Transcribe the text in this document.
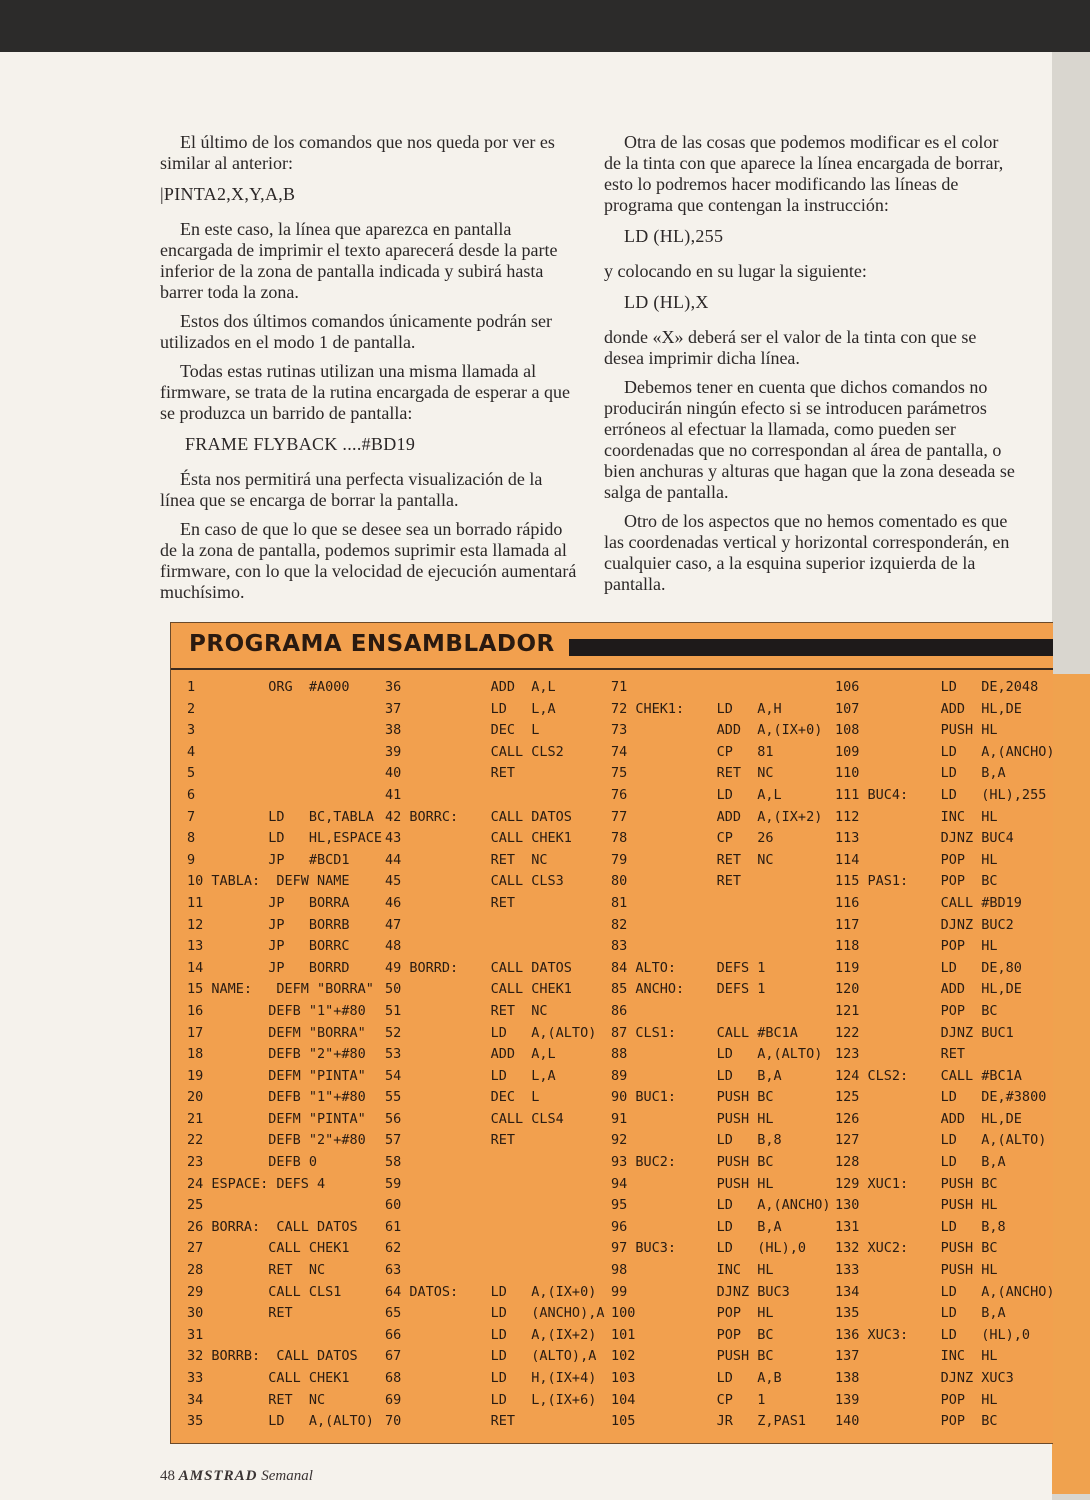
El último de los comandos que nos queda por ver es similar al anterior:

|PINTA2,X,Y,A,B

En este caso, la línea que aparezca en pantalla encargada de imprimir el texto aparecerá desde la parte inferior de la zona de pantalla indicada y subirá hasta barrer toda la zona.

Estos dos últimos comandos únicamente podrán ser utilizados en el modo 1 de pantalla.

Todas estas rutinas utilizan una misma llamada al firmware, se trata de la rutina encargada de esperar a que se produzca un barrido de pantalla:

FRAME FLYBACK ....#BD19

Ésta nos permitirá una perfecta visualización de la línea que se encarga de borrar la pantalla.

En caso de que lo que se desee sea un borrado rápido de la zona de pantalla, podemos suprimir esta llamada al firmware, con lo que la velocidad de ejecución aumentará muchísimo.

Otra de las cosas que podemos modificar es el color de la tinta con que aparece la línea encargada de borrar, esto lo podremos hacer modificando las líneas de programa que contengan la instrucción:

LD (HL),255

y colocando en su lugar la siguiente:

LD (HL),X

donde «X» deberá ser el valor de la tinta con que se desea imprimir dicha línea.

Debemos tener en cuenta que dichos comandos no producirán ningún efecto si se introducen parámetros erróneos al efectuar la llamada, como pueden ser coordenadas que no correspondan al área de pantalla, o bien anchuras y alturas que hagan que la zona deseada se salga de pantalla.

Otro de los aspectos que no hemos comentado es que las coordenadas vertical y horizontal corresponderán, en cualquier caso, a la esquina superior izquierda de la pantalla.

PROGRAMA ENSAMBLADOR
1         ORG  #A000
2
3
4
5
6
7         LD   BC,TABLA
8         LD   HL,ESPACE
9         JP   #BCD1
10 TABLA:  DEFW NAME
11        JP   BORRA
12        JP   BORRB
13        JP   BORRC
14        JP   BORRD
15 NAME:   DEFM "BORRA"
16        DEFB "1"+#80
17        DEFM "BORRA"
18        DEFB "2"+#80
19        DEFM "PINTA"
20        DEFB "1"+#80
21        DEFM "PINTA"
22        DEFB "2"+#80
23        DEFB 0
24 ESPACE: DEFS 4
25
26 BORRA:  CALL DATOS
27        CALL CHEK1
28        RET  NC
29        CALL CLS1
30        RET
31
32 BORRB:  CALL DATOS
33        CALL CHEK1
34        RET  NC
35        LD   A,(ALTO)
36           ADD  A,L
37           LD   L,A
38           DEC  L
39           CALL CLS2
40           RET
41
42 BORRC:    CALL DATOS
43           CALL CHEK1
44           RET  NC
45           CALL CLS3
46           RET
47
48
49 BORRD:    CALL DATOS
50           CALL CHEK1
51           RET  NC
52           LD   A,(ALTO)
53           ADD  A,L
54           LD   L,A
55           DEC  L
56           CALL CLS4
57           RET
58
59
60
61
62
63
64 DATOS:    LD   A,(IX+0)
65           LD   (ANCHO),A
66           LD   A,(IX+2)
67           LD   (ALTO),A
68           LD   H,(IX+4)
69           LD   L,(IX+6)
70           RET
71
72 CHEK1:    LD   A,H
73           ADD  A,(IX+0)
74           CP   81
75           RET  NC
76           LD   A,L
77           ADD  A,(IX+2)
78           CP   26
79           RET  NC
80           RET
81
82
83
84 ALTO:     DEFS 1
85 ANCHO:    DEFS 1
86
87 CLS1:     CALL #BC1A
88           LD   A,(ALTO)
89           LD   B,A
90 BUC1:     PUSH BC
91           PUSH HL
92           LD   B,8
93 BUC2:     PUSH BC
94           PUSH HL
95           LD   A,(ANCHO)
96           LD   B,A
97 BUC3:     LD   (HL),0
98           INC  HL
99           DJNZ BUC3
100          POP  HL
101          POP  BC
102          PUSH BC
103          LD   A,B
104          CP   1
105          JR   Z,PAS1
106          LD   DE,2048
107          ADD  HL,DE
108          PUSH HL
109          LD   A,(ANCHO)
110          LD   B,A
111 BUC4:    LD   (HL),255
112          INC  HL
113          DJNZ BUC4
114          POP  HL
115 PAS1:    POP  BC
116          CALL #BD19
117          DJNZ BUC2
118          POP  HL
119          LD   DE,80
120          ADD  HL,DE
121          POP  BC
122          DJNZ BUC1
123          RET
124 CLS2:    CALL #BC1A
125          LD   DE,#3800
126          ADD  HL,DE
127          LD   A,(ALTO)
128          LD   B,A
129 XUC1:    PUSH BC
130          PUSH HL
131          LD   B,8
132 XUC2:    PUSH BC
133          PUSH HL
134          LD   A,(ANCHO)
135          LD   B,A
136 XUC3:    LD   (HL),0
137          INC  HL
138          DJNZ XUC3
139          POP  HL
140          POP  BC
48 AMSTRAD Semanal
